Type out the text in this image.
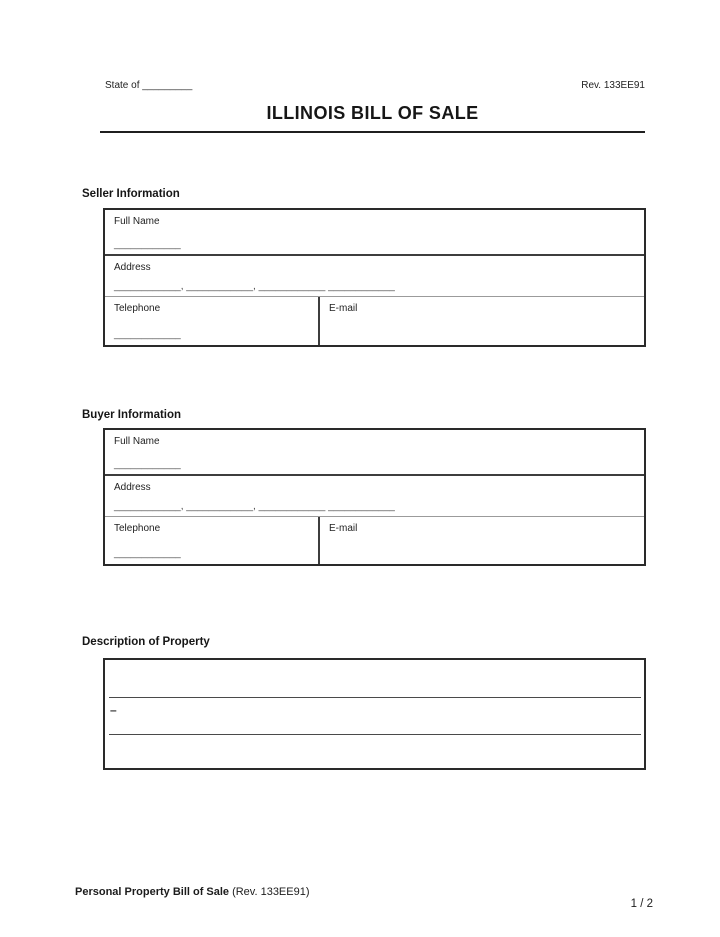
State of _________	Rev. 133EE91
ILLINOIS BILL OF SALE
Seller Information
Full Name
____________
Address
____________, ____________, ____________ ____________
Telephone
____________
E-mail
Buyer Information
Full Name
____________
Address
____________, ____________, ____________ ____________
Telephone
____________
E-mail
Description of Property
–
Personal Property Bill of Sale (Rev. 133EE91)
1 / 2
